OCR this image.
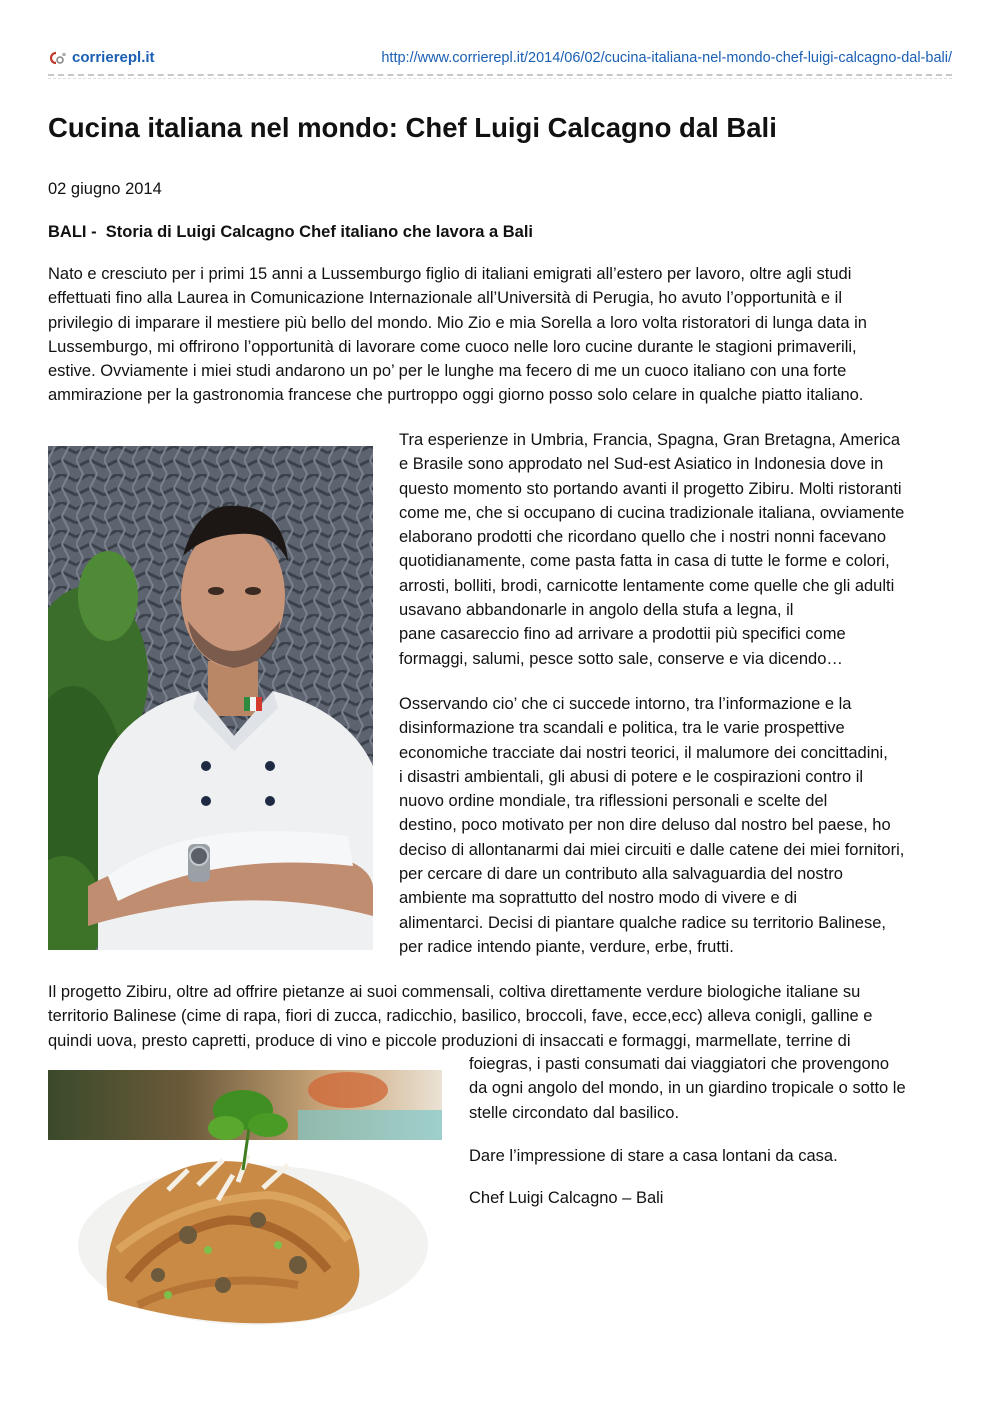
corrierepl.it	http://www.corrierepl.it/2014/06/02/cucina-italiana-nel-mondo-chef-luigi-calcagno-dal-bali/
Cucina italiana nel mondo: Chef Luigi Calcagno dal Bali
02 giugno 2014
BALI -  Storia di Luigi Calcagno Chef italiano che lavora a Bali
Nato e cresciuto per i primi 15 anni a Lussemburgo figlio di italiani emigrati all’estero per lavoro, oltre agli studi
effettuati fino alla Laurea in Comunicazione Internazionale all’Università di Perugia, ho avuto l’opportunità e il
privilegio di imparare il mestiere più bello del mondo. Mio Zio e mia Sorella a loro volta ristoratori di lunga data in
Lussemburgo, mi offrirono l’opportunità di lavorare come cuoco nelle loro cucine durante le stagioni primaverili,
estive. Ovviamente i miei studi andarono un po’ per le lunghe ma fecero di me un cuoco italiano con una forte
ammirazione per la gastronomia francese che purtroppo oggi giorno posso solo celare in qualche piatto italiano.
Tra esperienze in Umbria, Francia, Spagna, Gran Bretagna, America
e Brasile sono approdato nel Sud-est Asiatico in Indonesia dove in
questo momento sto portando avanti il progetto Zibiru. Molti ristoranti
come me, che si occupano di cucina tradizionale italiana, ovviamente
elaborano prodotti che ricordano quello che i nostri nonni facevano
quotidianamente, come pasta fatta in casa di tutte le forme e colori,
arrosti, bolliti, brodi, carnicotte lentamente come quelle che gli adulti
usavano abbandonarle in angolo della stufa a legna, il
pane casareccio fino ad arrivare a prodottii più specifici come
formaggi, salumi, pesce sotto sale, conserve e via dicendo…
Osservando cio’ che ci succede intorno, tra l’informazione e la
disinformazione tra scandali e politica, tra le varie prospettive
economiche tracciate dai nostri teorici, il malumore dei concittadini,
i disastri ambientali, gli abusi di potere e le cospirazioni contro il
nuovo ordine mondiale, tra riflessioni personali e scelte del
destino, poco motivato per non dire deluso dal nostro bel paese, ho
deciso di allontanarmi dai miei circuiti e dalle catene dei miei fornitori,
per cercare di dare un contributo alla salvaguardia del nostro
ambiente ma soprattutto del nostro modo di vivere e di
alimentarci. Decisi di piantare qualche radice su territorio Balinese,
per radice intendo piante, verdure, erbe, frutti.
Il progetto Zibiru, oltre ad offrire pietanze ai suoi commensali, coltiva direttamente verdure biologiche italiane su
territorio Balinese (cime di rapa, fiori di zucca, radicchio, basilico, broccoli, fave, ecce,ecc) alleva conigli, galline e
quindi uova, presto capretti, produce di vino e piccole produzioni di insaccati e formaggi, marmellate, terrine di
foiegras, i pasti consumati dai viaggiatori che provengono
da ogni angolo del mondo, in un giardino tropicale o sotto le
stelle circondato dal basilico.
Dare l’impressione di stare a casa lontani da casa.
Chef Luigi Calcagno – Bali
